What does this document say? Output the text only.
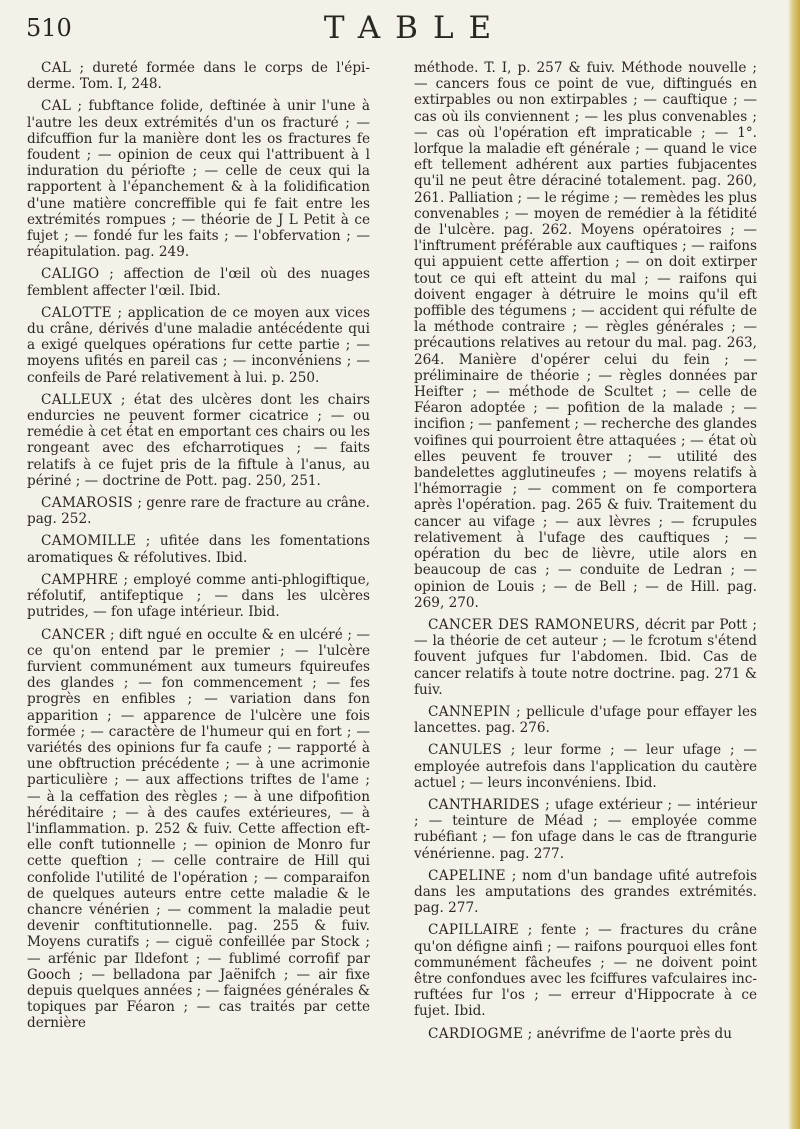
510	TABLE

CAL ; dureté formée dans le corps de l'épi-derme. Tom. I, 248.

CAL ; fubftance folide, deftinée à unir l'une à l'autre les deux extrémités d'un os fracturé ; — difcuffion fur la manière dont les os fractures fe foudent ; — opinion de ceux qui l'attribuent à l induration du périofte ; — celle de ceux qui la rapportent à l'épanchement & à la folidification d'une matière concreffible qui fe fait entre les extrémités rompues ; — théorie de J L Petit à ce fujet ; — fondé fur les faits ; — l'obfervation ; — réapitulation. pag. 249.

CALIGO ; affection de l'œil où des nuages femblent affecter l'œil. Ibid.

CALOTTE ; application de ce moyen aux vices du crâne, dérivés d'une maladie antécédente qui a exigé quelques opérations fur cette partie ; — moyens ufités en pareil cas ; — inconvéniens ; — confeils de Paré relativement à lui. p. 250.

CALLEUX ; état des ulcères dont les chairs endurcies ne peuvent former cicatrice ; — ou remédie à cet état en emportant ces chairs ou les rongeant avec des efcharrotiques ; — faits relatifs à ce fujet pris de la fiftule à l'anus, au périné ; — doctrine de Pott. pag. 250, 251.

CAMAROSIS ; genre rare de fracture au crâne. pag. 252.

CAMOMILLE ; ufitée dans les fomentations aromatiques & réfolutives. Ibid.

CAMPHRE ; employé comme anti-phlogiftique, réfolutif, antifeptique ; — dans les ulcères putrides, — fon ufage intérieur. Ibid.

CANCER ; dift ngué en occulte & en ulcéré ; — ce qu'on entend par le premier ; — l'ulcère furvient communément aux tumeurs fquireufes des glandes ; — fon commencement ; — fes progrès en enfibles ; — variation dans fon apparition ; — apparence de l'ulcère une fois formée ; — caractère de l'humeur qui en fort ; — variétés des opinions fur fa caufe ; — rapporté à une obftruction précédente ; — à une acrimonie particulière ; — aux affections triftes de l'ame ; — à la ceffation des règles ; — à une difpofition héréditaire ; — à des caufes extérieures, — à l'inflammation. p. 252 & fuiv. Cette affection eft-elle conft tutionnelle ; — opinion de Monro fur cette queftion ; — celle contraire de Hill qui confolide l'utilité de l'opération ; — comparaifon de quelques auteurs entre cette maladie & le chancre vénérien ; — comment la maladie peut devenir conftitutionnelle. pag. 255 & fuiv. Moyens curatifs ; — ciguë confeillée par Stock ; — arfénic par Ildefont ; — fublimé corrofif par Gooch ; — belladona par Jaënifch ; — air fixe depuis quelques années ; — faignées générales & topiques par Féaron ; — cas traités par cette dernière

méthode. T. I, p. 257 & fuiv. Méthode nouvelle ; — cancers fous ce point de vue, diftingués en extirpables ou non extirpables ; — cauftique ; — cas où ils conviennent ; — les plus convenables ; — cas où l'opération eft impraticable ; — 1°. lorfque la maladie eft générale ; — quand le vice eft tellement adhérent aux parties fubjacentes qu'il ne peut être déraciné totalement. pag. 260, 261. Palliation ; — le régime ; — remèdes les plus convenables ; — moyen de remédier à la fétidité de l'ulcère. pag. 262. Moyens opératoires ; — l'inftrument préférable aux cauftiques ; — raifons qui appuient cette affertion ; — on doit extirper tout ce qui eft atteint du mal ; — raifons qui doivent engager à détruire le moins qu'il eft poffible des tégumens ; — accident qui réfulte de la méthode contraire ; — règles générales ; — précautions relatives au retour du mal. pag. 263, 264. Manière d'opérer celui du fein ; — préliminaire de théorie ; — règles données par Heifter ; — méthode de Scultet ; — celle de Féaron adoptée ; — pofition de la malade ; — incifion ; — panfement ; — recherche des glandes voifines qui pourroient être attaquées ; — état où elles peuvent fe trouver ; — utilité des bandelettes agglutineufes ; — moyens relatifs à l'hémorragie ; — comment on fe comportera après l'opération. pag. 265 & fuiv. Traitement du cancer au vifage ; — aux lèvres ; — fcrupules relativement à l'ufage des cauftiques ; — opération du bec de lièvre, utile alors en beaucoup de cas ; — conduite de Ledran ; — opinion de Louis ; — de Bell ; — de Hill. pag. 269, 270.

CANCER DES RAMONEURS, décrit par Pott ; — la théorie de cet auteur ; — le fcrotum s'étend fouvent jufques fur l'abdomen. Ibid. Cas de cancer relatifs à toute notre doctrine. pag. 271 & fuiv.

CANNEPIN ; pellicule d'ufage pour effayer les lancettes. pag. 276.

CANULES ; leur forme ; — leur ufage ; — employée autrefois dans l'application du cautère actuel ; — leurs inconvéniens. Ibid.

CANTHARIDES ; ufage extérieur ; — intérieur ; — teinture de Méad ; — employée comme rubéfiant ; — fon ufage dans le cas de ftrangurie vénérienne. pag. 277.

CAPELINE ; nom d'un bandage ufité autrefois dans les amputations des grandes extrémités. pag. 277.

CAPILLAIRE ; fente ; — fractures du crâne qu'on défigne ainfi ; — raifons pourquoi elles font communément fâcheufes ; — ne doivent point être confondues avec les fciffures vafculaires inc-ruftées fur l'os ; — erreur d'Hippocrate à ce fujet. Ibid.

CARDIOGME ; anévrifme de l'aorte près du
